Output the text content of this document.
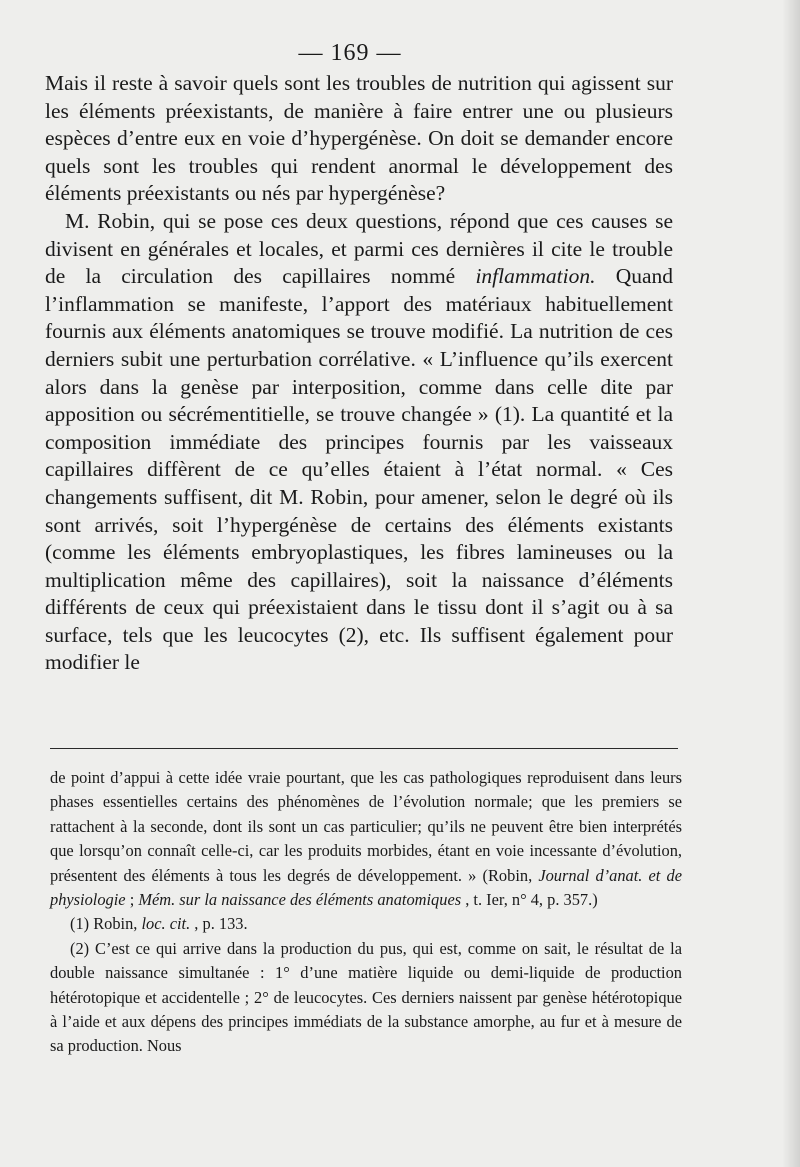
— 169 —

Mais il reste à savoir quels sont les troubles de nutrition qui agissent sur les éléments préexistants, de manière à faire entrer une ou plusieurs espèces d’entre eux en voie d’hypergénèse. On doit se demander encore quels sont les troubles qui rendent anormal le développement des éléments préexistants ou nés par hypergénèse?

M. Robin, qui se pose ces deux questions, répond que ces causes se divisent en générales et locales, et parmi ces dernières il cite le trouble de la circulation des capillaires nommé inflammation. Quand l’inflammation se manifeste, l’apport des matériaux habituellement fournis aux éléments anatomiques se trouve modifié. La nutrition de ces derniers subit une perturbation corrélative. « L’influence qu’ils exercent alors dans la genèse par interposition, comme dans celle dite par apposition ou sécrémentitielle, se trouve changée » (1). La quantité et la composition immédiate des principes fournis par les vaisseaux capillaires diffèrent de ce qu’elles étaient à l’état normal. « Ces changements suffisent, dit M. Robin, pour amener, selon le degré où ils sont arrivés, soit l’hypergénèse de certains des éléments existants (comme les éléments embryoplastiques, les fibres lamineuses ou la multiplication même des capillaires), soit la naissance d’éléments différents de ceux qui préexistaient dans le tissu dont il s’agit ou à sa surface, tels que les leucocytes (2), etc. Ils suffisent également pour modifier le

de point d’appui à cette idée vraie pourtant, que les cas pathologiques reproduisent dans leurs phases essentielles certains des phénomènes de l’évolution normale; que les premiers se rattachent à la seconde, dont ils sont un cas particulier; qu’ils ne peuvent être bien interprétés que lorsqu’on connaît celle-ci, car les produits morbides, étant en voie incessante d’évolution, présentent des éléments à tous les degrés de développement. » (Robin, Journal d’anat. et de physiologie ; Mém. sur la naissance des éléments anatomiques , t. Ier, n° 4, p. 357.)

(1) Robin, loc. cit. , p. 133.

(2) C’est ce qui arrive dans la production du pus, qui est, comme on sait, le résultat de la double naissance simultanée : 1° d’une matière liquide ou demi-liquide de production hétérotopique et accidentelle ; 2° de leucocytes. Ces derniers naissent par genèse hétérotopique à l’aide et aux dépens des principes immédiats de la substance amorphe, au fur et à mesure de sa production. Nous
